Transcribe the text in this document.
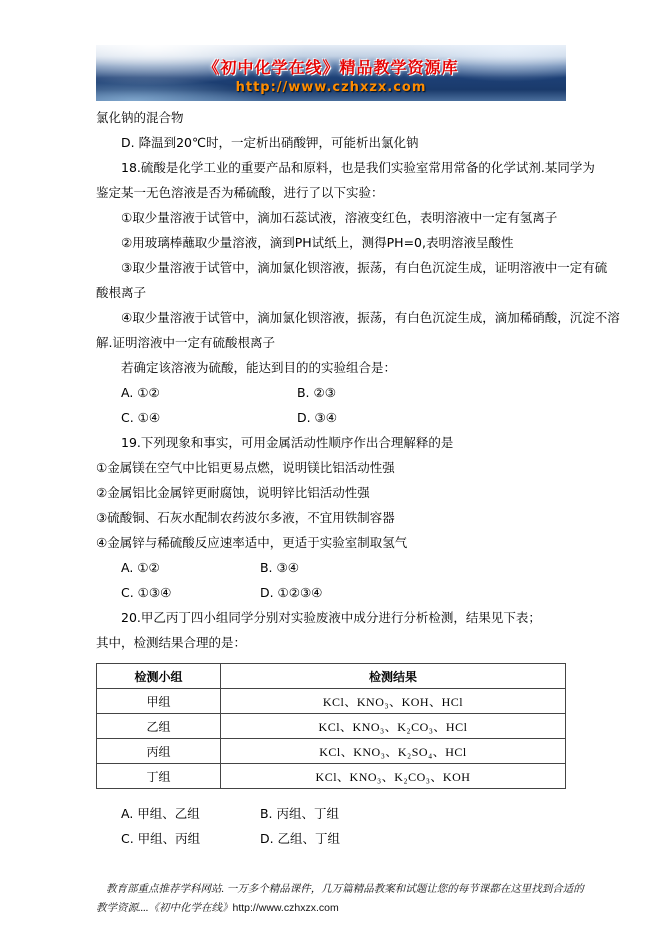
《初中化学在线》精品教学资源库
http://www.czhxzx.com
氯化钠的混合物
D. 降温到20℃时，一定析出硝酸钾，可能析出氯化钠
18.硫酸是化学工业的重要产品和原料，也是我们实验室常用常备的化学试剂.某同学为
鉴定某一无色溶液是否为稀硫酸，进行了以下实验：
①取少量溶液于试管中，滴加石蕊试液，溶液变红色，表明溶液中一定有氢离子
②用玻璃棒蘸取少量溶液，滴到PH试纸上，测得PH=0,表明溶液呈酸性
③取少量溶液于试管中，滴加氯化钡溶液，振荡，有白色沉淀生成，证明溶液中一定有硫
酸根离子
④取少量溶液于试管中，滴加氯化钡溶液，振荡，有白色沉淀生成，滴加稀硝酸，沉淀不溶
解.证明溶液中一定有硫酸根离子
若确定该溶液为硫酸，能达到目的的实验组合是：
A. ①②	B. ②③
C. ①④	D. ③④
19.下列现象和事实，可用金属活动性顺序作出合理解释的是
①金属镁在空气中比铝更易点燃，说明镁比铝活动性强
②金属铝比金属锌更耐腐蚀，说明锌比铝活动性强
③硫酸铜、石灰水配制农药波尔多液，不宜用铁制容器
④金属锌与稀硫酸反应速率适中，更适于实验室制取氢气
A. ①②	B. ③④
C. ①③④	D. ①②③④
20.甲乙丙丁四小组同学分别对实验废液中成分进行分析检测，结果见下表；
其中，检测结果合理的是：
检测小组	检测结果
甲组	KCl、KNO₃、KOH、HCl
乙组	KCl、KNO₃、K₂CO₃、HCl
丙组	KCl、KNO₃、K₂SO₄、HCl
丁组	KCl、KNO₃、K₂CO₃、KOH
A. 甲组、乙组	B. 丙组、丁组
C. 甲组、丙组	D. 乙组、丁组
教育部重点推荐学科网站. 一万多个精品课件，几万篇精品教案和试题让您的每节课都在这里找到合适的
教学资源....《初中化学在线》http://www.czhxzx.com
